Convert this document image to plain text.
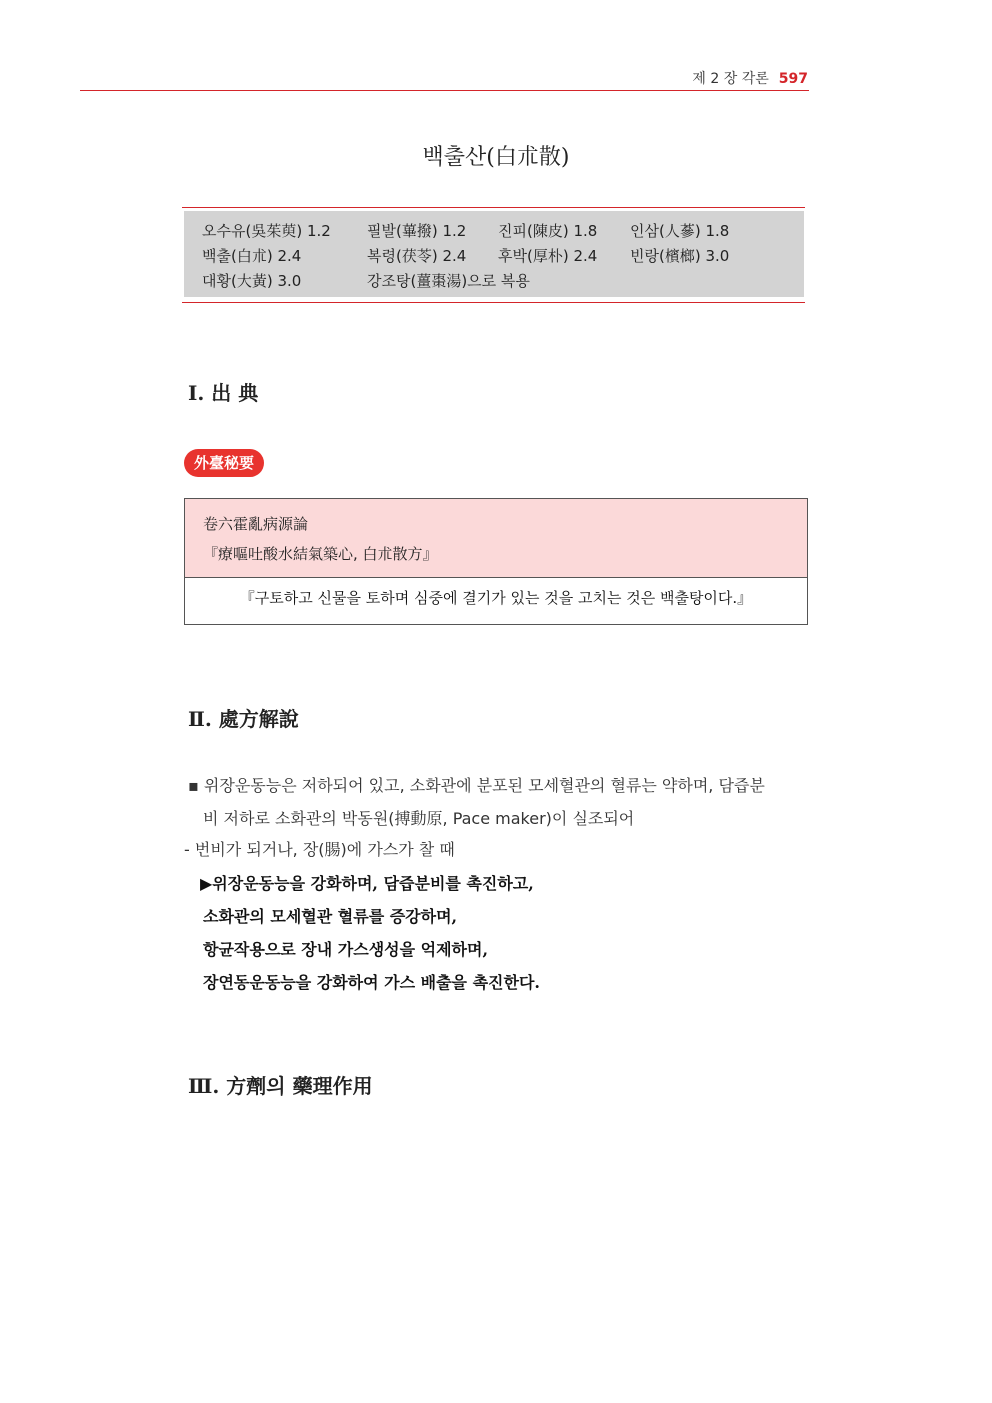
제 2 장 각론 597
백출산(白朮散)
오수유(吳茱萸) 1.2 필발(蓽撥) 1.2 진피(陳皮) 1.8 인삼(人蔘) 1.8
백출(白朮) 2.4	복령(茯苓) 2.4 후박(厚朴) 2.4 빈랑(檳榔) 3.0
대황(大黃) 3.0	강조탕(薑棗湯)으로 복용
Ⅰ. 出 典
外臺秘要
卷六霍亂病源論
『療嘔吐酸水結氣築心, 白朮散方』
『구토하고 신물을 토하며 심중에 결기가 있는 것을 고치는 것은 백출탕이다.』
Ⅱ. 處方解說
▪ 위장운동능은 저하되어 있고, 소화관에 분포된 모세혈관의 혈류는 약하며, 담즙분
비 저하로 소화관의 박동원(搏動原, Pace maker)이 실조되어
- 번비가 되거나, 장(腸)에 가스가 찰 때
▶위장운동능을 강화하며, 담즙분비를 촉진하고,
소화관의 모세혈관 혈류를 증강하며,
항균작용으로 장내 가스생성을 억제하며,
장연동운동능을 강화하여 가스 배출을 촉진한다.
Ⅲ. 方劑의 藥理作用
